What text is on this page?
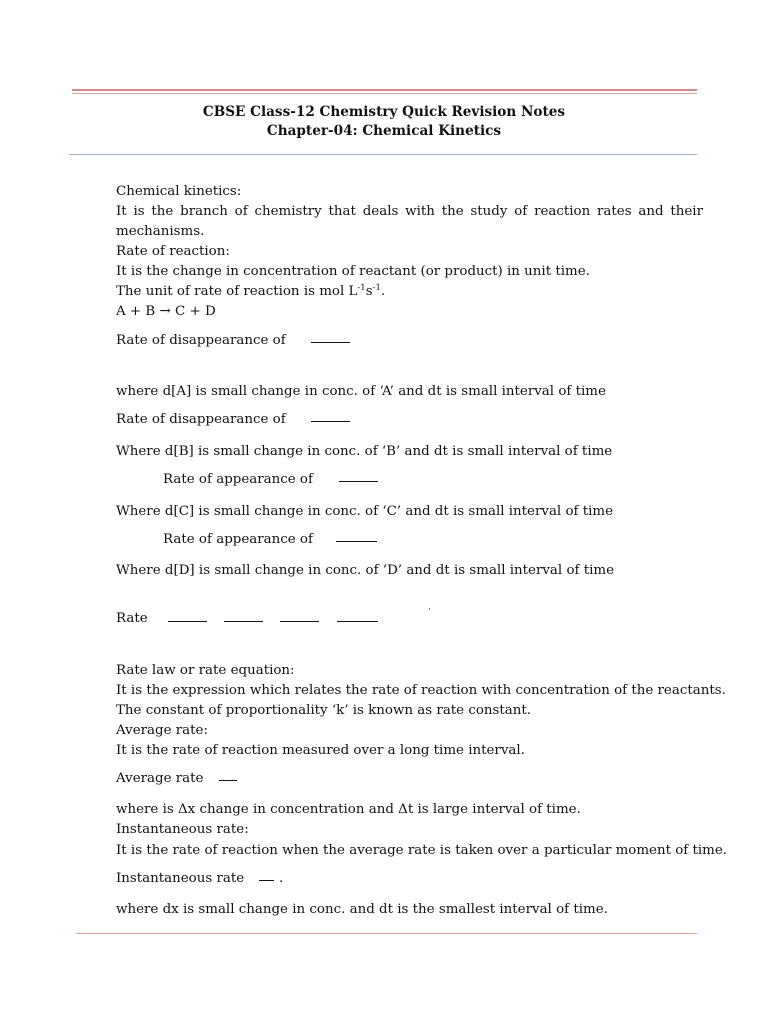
CBSE Class-12 Chemistry Quick Revision Notes
Chapter-04: Chemical Kinetics
Chemical kinetics:
It is the branch of chemistry that deals with the study of reaction rates and their
mechanisms.
Rate of reaction:
It is the change in concentration of reactant (or product) in unit time.
The unit of rate of reaction is mol $L^{-1}s^{-1}$.
A + B → C + D
Rate of disappearance of
where d[A] is small change in conc. of ‘A’ and dt is small interval of time
Rate of disappearance of
Where d[B] is small change in conc. of ‘B’ and dt is small interval of time
Rate of appearance of
Where d[C] is small change in conc. of ‘C’ and dt is small interval of time
Rate of appearance of
Where d[D] is small change in conc. of ‘D’ and dt is small interval of time
Rate	˙
Rate law or rate equation:
It is the expression which relates the rate of reaction with concentration of the reactants.
The constant of proportionality ‘k’ is known as rate constant.
Average rate:
It is the rate of reaction measured over a long time interval.
Average rate
where is Δx change in concentration and Δt is large interval of time.
Instantaneous rate:
It is the rate of reaction when the average rate is taken over a particular moment of time.
Instantaneous rate	.
where dx is small change in conc. and dt is the smallest interval of time.
